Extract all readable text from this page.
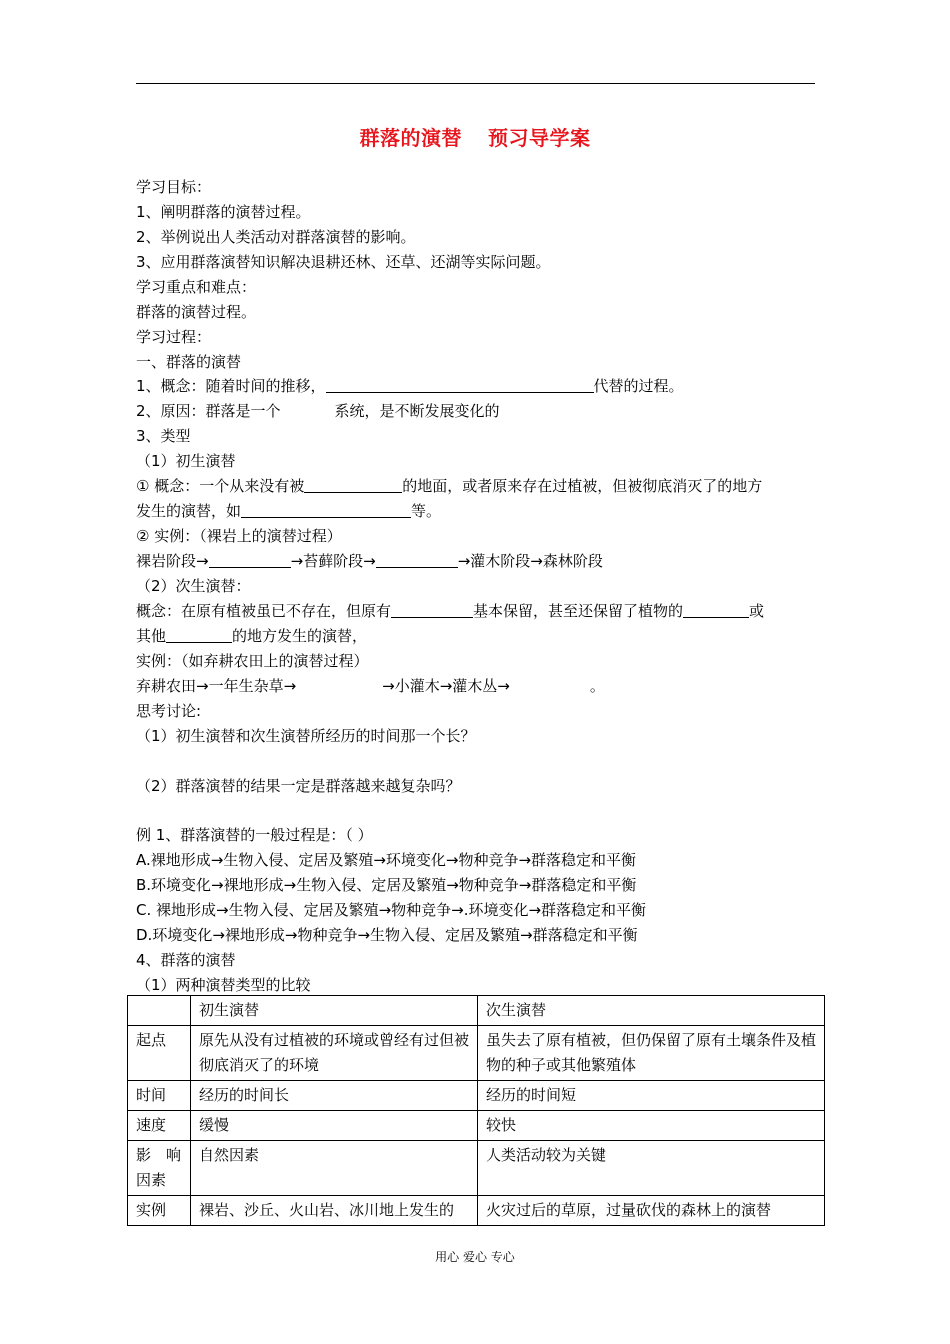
群落的演替 预习导学案
学习目标：
1、阐明群落的演替过程。
2、举例说出人类活动对群落演替的影响。
3、应用群落演替知识解决退耕还林、还草、还湖等实际问题。
学习重点和难点：
群落的演替过程。
学习过程：
一、群落的演替
1、概念：随着时间的推移，	代替的过程。
2、原因：群落是一个	系统，是不断发展变化的
3、类型
（1）初生演替
① 概念：一个从来没有被	的地面，或者原来存在过植被，但被彻底消灭了的地方
发生的演替，如	等。
② 实例：（裸岩上的演替过程）
裸岩阶段→	→苔藓阶段→	→灌木阶段→森林阶段
（2）次生演替：
概念：在原有植被虽已不存在，但原有	基本保留，甚至还保留了植物的	或
其他	的地方发生的演替，
实例：（如弃耕农田上的演替过程）
弃耕农田→一年生杂草→	→小灌木→灌木丛→	。
思考讨论:
（1）初生演替和次生演替所经历的时间那一个长？
（2）群落演替的结果一定是群落越来越复杂吗？
例 1、群落演替的一般过程是：（ ）
A.裸地形成→生物入侵、定居及繁殖→环境变化→物种竞争→群落稳定和平衡
B.环境变化→裸地形成→生物入侵、定居及繁殖→物种竞争→群落稳定和平衡
C. 裸地形成→生物入侵、定居及繁殖→物种竞争→.环境变化→群落稳定和平衡
D.环境变化→裸地形成→物种竞争→生物入侵、定居及繁殖→群落稳定和平衡
4、群落的演替
（1）两种演替类型的比较
	初生演替	次生演替
起点	原先从没有过植被的环境或曾经有过但被彻底消灭了的环境	虽失去了原有植被，但仍保留了原有土壤条件及植物的种子或其他繁殖体
时间	经历的时间长	经历的时间短
速度	缓慢	较快
影　响因素	自然因素	人类活动较为关键
实例	裸岩、沙丘、火山岩、冰川地上发生的	火灾过后的草原，过量砍伐的森林上的演替
用心 爱心 专心
